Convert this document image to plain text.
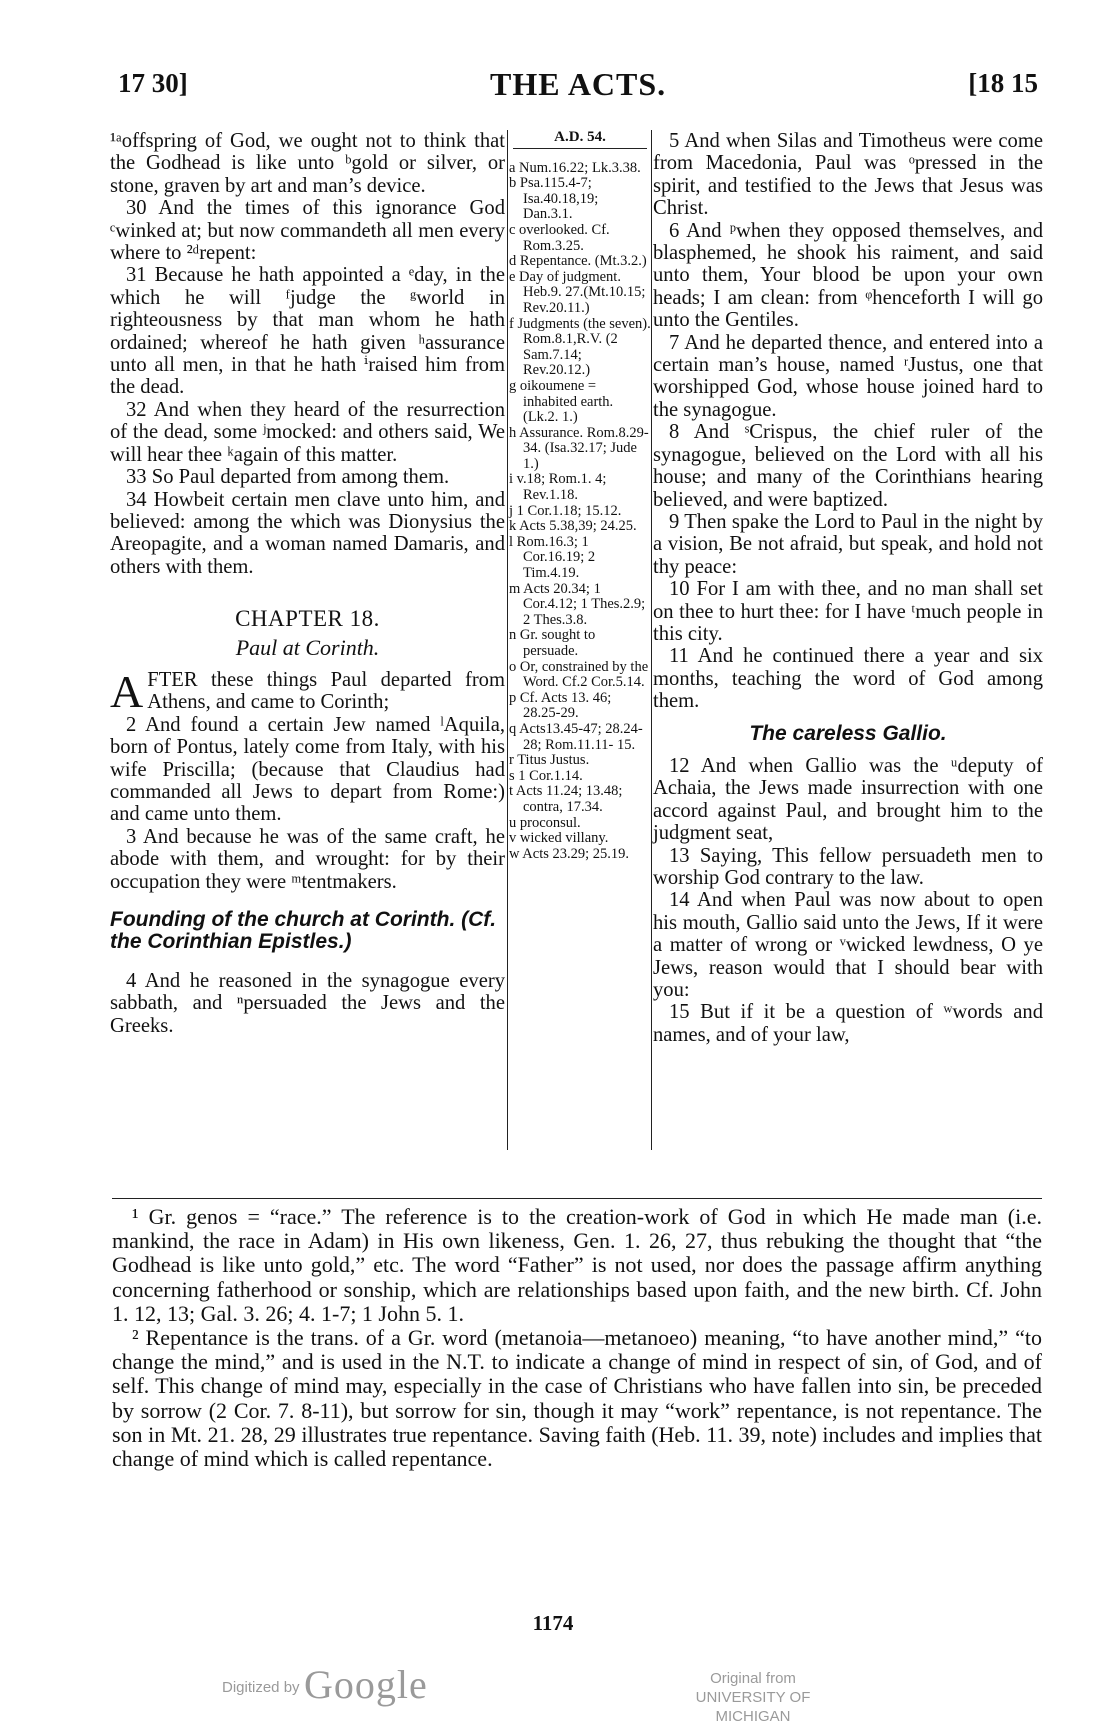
17 30]	THE ACTS.	[18 15

¹ᵃoffspring of God, we ought not to think that the Godhead is like unto ᵇgold or silver, or stone, graven by art and man’s device.

30 And the times of this ignorance God ᶜwinked at; but now commandeth all men every where to ²ᵈrepent:

31 Because he hath appointed a ᵉday, in the which he will ᶠjudge the ᵍworld in righteousness by that man whom he hath ordained; whereof he hath given ʰassurance unto all men, in that he hath ⁱraised him from the dead.

32 And when they heard of the resurrection of the dead, some ʲmocked: and others said, We will hear thee ᵏagain of this matter.

33 So Paul departed from among them.

34 Howbeit certain men clave unto him, and believed: among the which was Dionysius the Areopagite, and a woman named Damaris, and others with them.

CHAPTER 18.

Paul at Corinth.

AFTER these things Paul departed from Athens, and came to Corinth;

2 And found a certain Jew named ˡAquila, born of Pontus, lately come from Italy, with his wife Priscilla; (because that Claudius had commanded all Jews to depart from Rome:) and came unto them.

3 And because he was of the same craft, he abode with them, and wrought: for by their occupation they were ᵐtentmakers.

Founding of the church at Corinth. (Cf. the Corinthian Epistles.)

4 And he reasoned in the synagogue every sabbath, and ⁿpersuaded the Jews and the Greeks.

A.D. 54.
a Num.16.22; Lk.3.38.
b Psa.115.4-7; Isa.40.18,19; Dan.3.1.
c overlooked. Cf. Rom.3.25.
d Repentance. (Mt.3.2.)
e Day of judgment. Heb.9. 27.(Mt.10.15; Rev.20.11.)
f Judgments (the seven). Rom.8.1,R.V. (2 Sam.7.14; Rev.20.12.)
g oikoumene = inhabited earth. (Lk.2. 1.)
h Assurance. Rom.8.29-34. (Isa.32.17; Jude 1.)
i v.18; Rom.1. 4; Rev.1.18.
j 1 Cor.1.18; 15.12.
k Acts 5.38,39; 24.25.
l Rom.16.3; 1 Cor.16.19; 2 Tim.4.19.
m Acts 20.34; 1 Cor.4.12; 1 Thes.2.9; 2 Thes.3.8.
n Gr. sought to persuade.
o Or, constrained by the Word. Cf.2 Cor.5.14.
p Cf. Acts 13. 46; 28.25-29.
q Acts13.45-47; 28.24-28; Rom.11.11- 15.
r Titus Justus.
s 1 Cor.1.14.
t Acts 11.24; 13.48; contra, 17.34.
u proconsul.
v wicked villany.
w Acts 23.29; 25.19.

5 And when Silas and Timotheus were come from Macedonia, Paul was ᵒpressed in the spirit, and testified to the Jews that Jesus was Christ.

6 And ᵖwhen they opposed themselves, and blasphemed, he shook his raiment, and said unto them, Your blood be upon your own heads; I am clean: from ᵠhenceforth I will go unto the Gentiles.

7 And he departed thence, and entered into a certain man’s house, named ʳJustus, one that worshipped God, whose house joined hard to the synagogue.

8 And ˢCrispus, the chief ruler of the synagogue, believed on the Lord with all his house; and many of the Corinthians hearing believed, and were baptized.

9 Then spake the Lord to Paul in the night by a vision, Be not afraid, but speak, and hold not thy peace:

10 For I am with thee, and no man shall set on thee to hurt thee: for I have ᵗmuch people in this city.

11 And he continued there a year and six months, teaching the word of God among them.

The careless Gallio.

12 And when Gallio was the ᵘdeputy of Achaia, the Jews made insurrection with one accord against Paul, and brought him to the judgment seat,

13 Saying, This fellow persuadeth men to worship God contrary to the law.

14 And when Paul was now about to open his mouth, Gallio said unto the Jews, If it were a matter of wrong or ᵛwicked lewdness, O ye Jews, reason would that I should bear with you:

15 But if it be a question of ʷwords and names, and of your law,

¹ Gr. genos = “race.” The reference is to the creation-work of God in which He made man (i.e. mankind, the race in Adam) in His own likeness, Gen. 1. 26, 27, thus rebuking the thought that “the Godhead is like unto gold,” etc. The word “Father” is not used, nor does the passage affirm anything concerning fatherhood or sonship, which are relationships based upon faith, and the new birth. Cf. John 1. 12, 13; Gal. 3. 26; 4. 1-7; 1 John 5. 1.

² Repentance is the trans. of a Gr. word (metanoia—metanoeo) meaning, “to have another mind,” “to change the mind,” and is used in the N.T. to indicate a change of mind in respect of sin, of God, and of self. This change of mind may, especially in the case of Christians who have fallen into sin, be preceded by sorrow (2 Cor. 7. 8-11), but sorrow for sin, though it may “work” repentance, is not repentance. The son in Mt. 21. 28, 29 illustrates true repentance. Saving faith (Heb. 11. 39, note) includes and implies that change of mind which is called repentance.

1174
Digitized by Google	Original from
UNIVERSITY OF MICHIGAN
